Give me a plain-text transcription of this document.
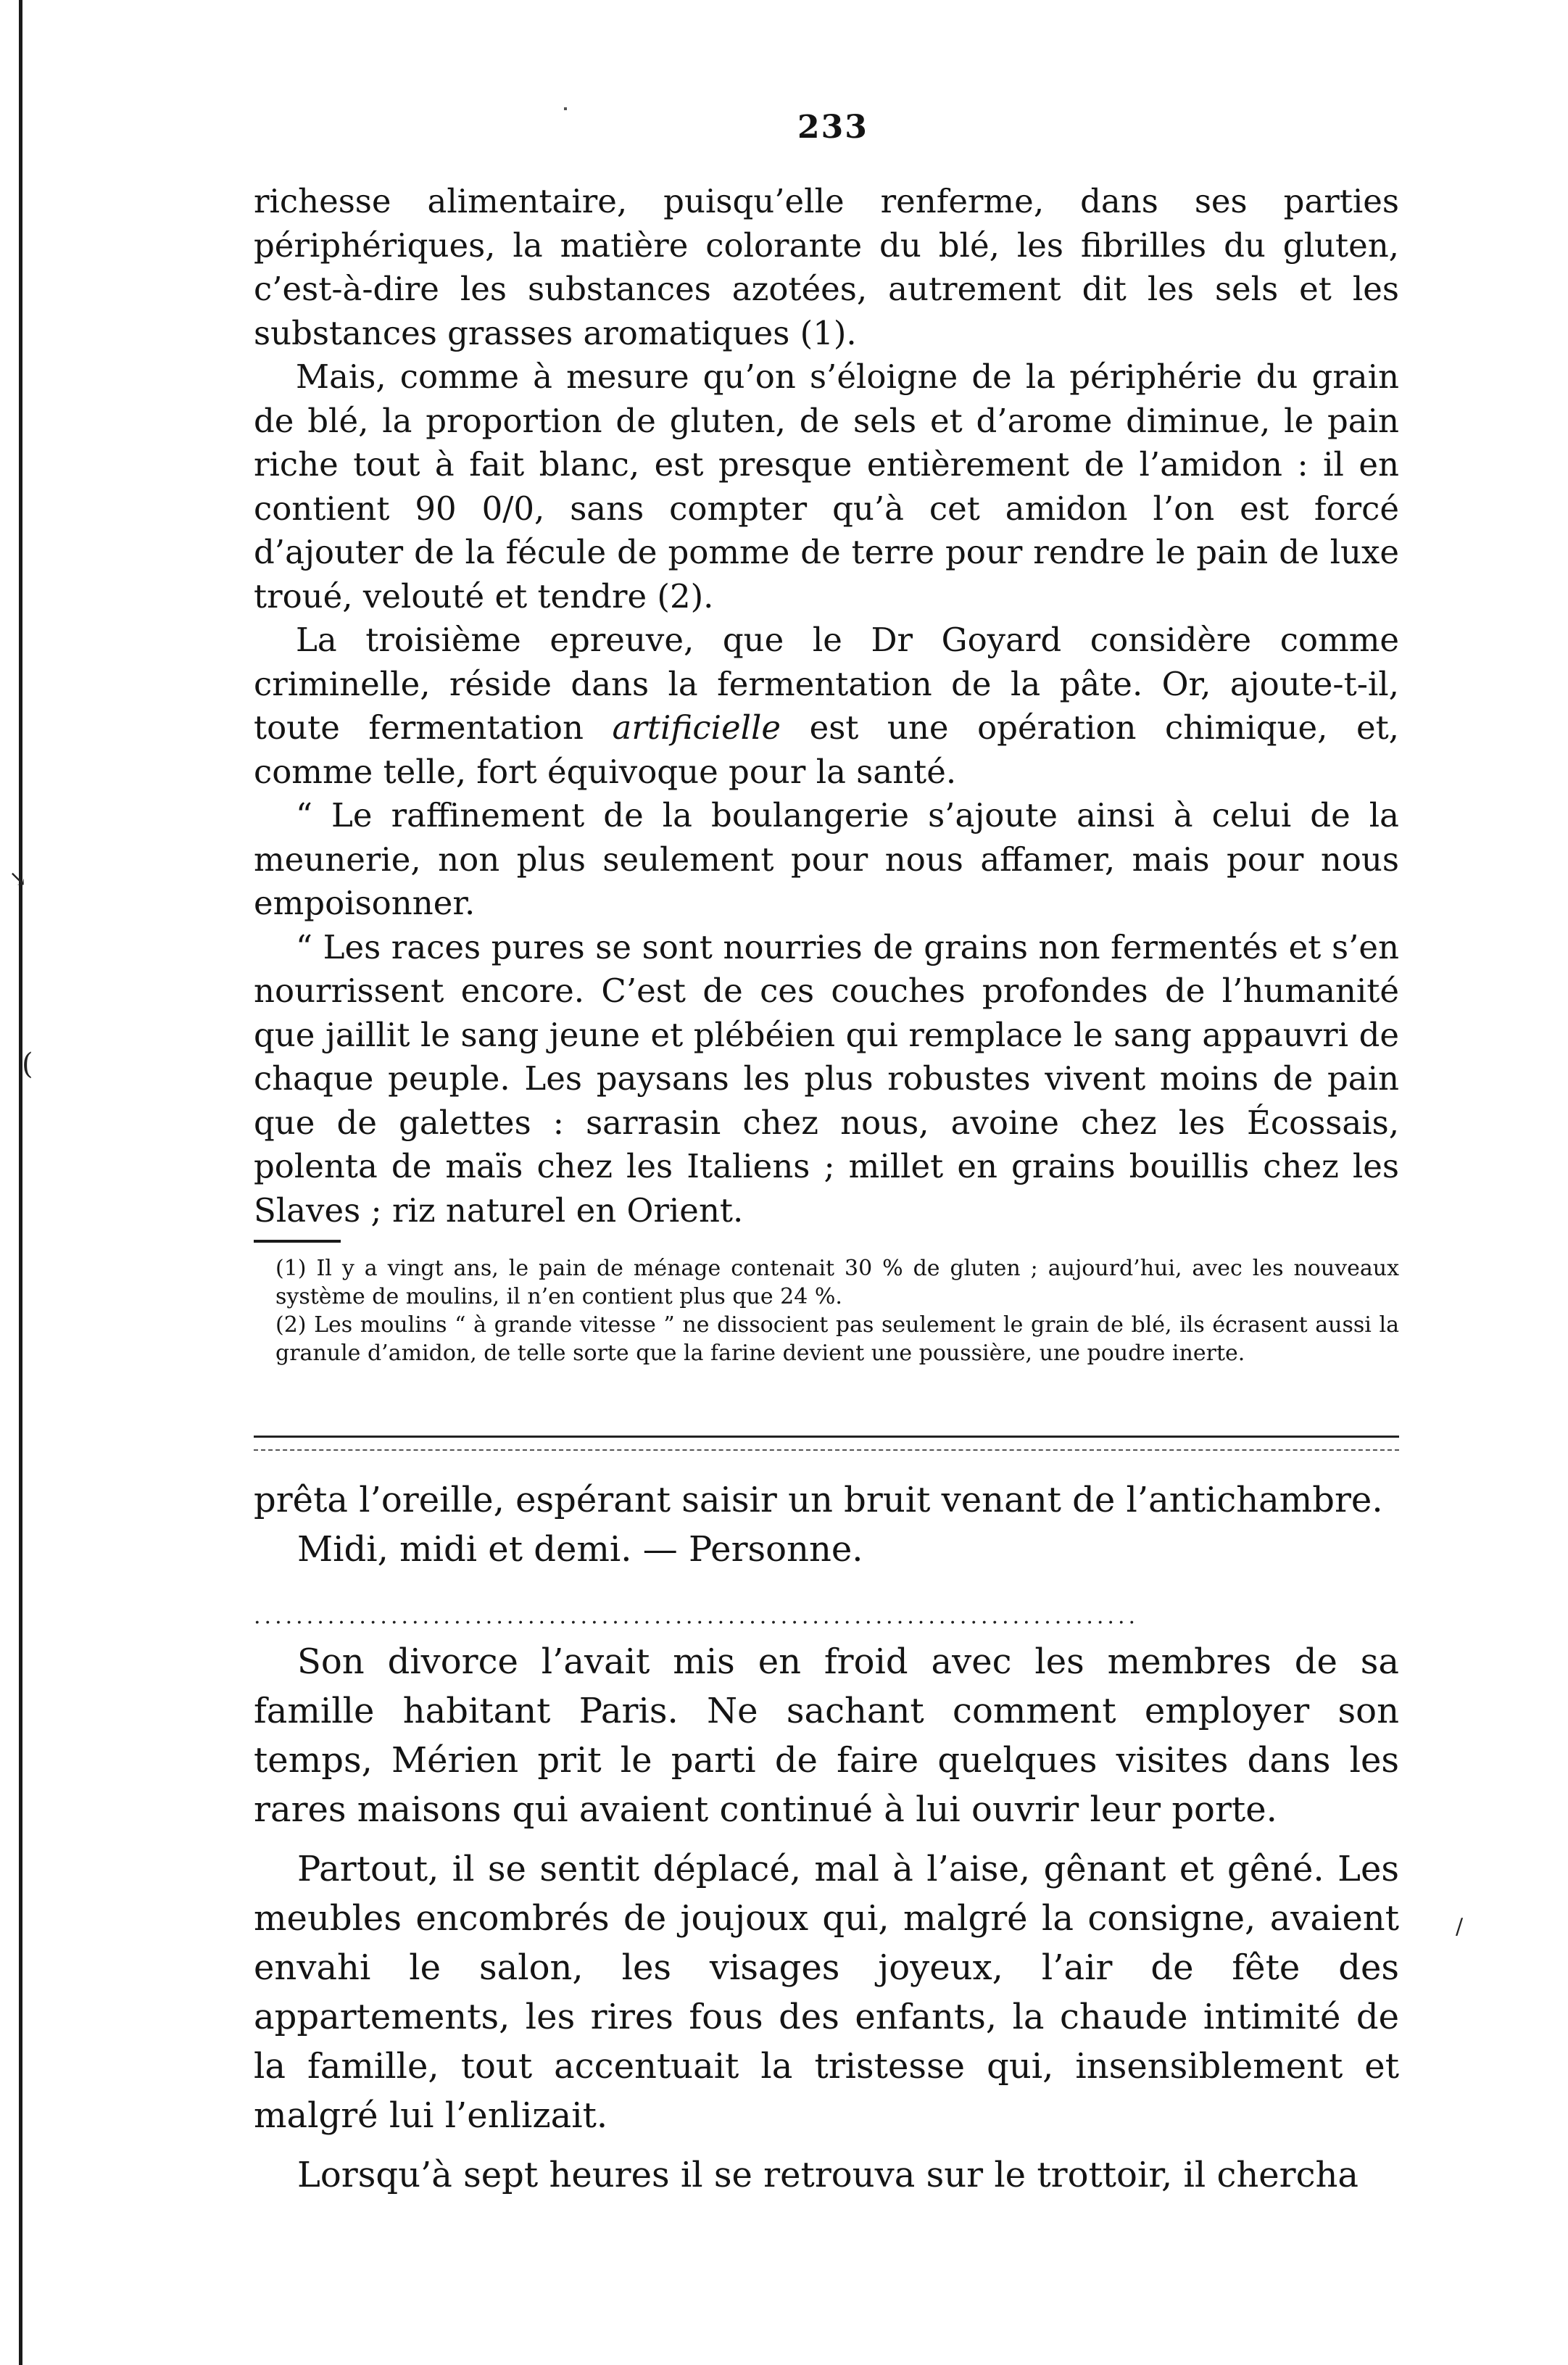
↘
(
/
233

richesse alimentaire, puisqu’elle renferme, dans ses parties périphériques, la matière colorante du blé, les fibrilles du gluten, c’est-à-dire les substances azotées, autrement dit les sels et les substances grasses aromatiques (1).

Mais, comme à mesure qu’on s’éloigne de la périphérie du grain de blé, la proportion de gluten, de sels et d’arome diminue, le pain riche tout à fait blanc, est presque entièrement de l’amidon : il en contient 90 0/0, sans compter qu’à cet amidon l’on est forcé d’ajouter de la fécule de pomme de terre pour rendre le pain de luxe troué, velouté et tendre (2).

La troisième epreuve, que le Dr Goyard considère comme criminelle, réside dans la fermentation de la pâte. Or, ajoute-t-il, toute fermentation artificielle est une opération chimique, et, comme telle, fort équivoque pour la santé.

“ Le raffinement de la boulangerie s’ajoute ainsi à celui de la meunerie, non plus seulement pour nous affamer, mais pour nous empoisonner.

“ Les races pures se sont nourries de grains non fermentés et s’en nourrissent encore. C’est de ces couches profondes de l’humanité que jaillit le sang jeune et plébéien qui remplace le sang appauvri de chaque peuple. Les paysans les plus robustes vivent moins de pain que de galettes : sarrasin chez nous, avoine chez les Écossais, polenta de maïs chez les Italiens ; millet en grains bouillis chez les Slaves ; riz naturel en Orient.

(1) Il y a vingt ans, le pain de ménage contenait 30 % de gluten ; aujourd’hui, avec les nouveaux système de moulins, il n’en contient plus que 24 %.

(2) Les moulins “ à grande vitesse ” ne dissocient pas seulement le grain de blé, ils écrasent aussi la granule d’amidon, de telle sorte que la farine devient une poussière, une poudre inerte.

prêta l’oreille, espérant saisir un bruit venant de l’antichambre.

Midi, midi et demi. — Personne.

....................................................................................

Son divorce l’avait mis en froid avec les membres de sa famille habitant Paris. Ne sachant comment employer son temps, Mérien prit le parti de faire quelques visites dans les rares maisons qui avaient continué à lui ouvrir leur porte.

Partout, il se sentit déplacé, mal à l’aise, gênant et gêné. Les meubles encombrés de joujoux qui, malgré la consigne, avaient envahi le salon, les visages joyeux, l’air de fête des appartements, les rires fous des enfants, la chaude intimité de la famille, tout accentuait la tristesse qui, insensiblement et malgré lui l’enlizait.

Lorsqu’à sept heures il se retrouva sur le trottoir, il chercha
